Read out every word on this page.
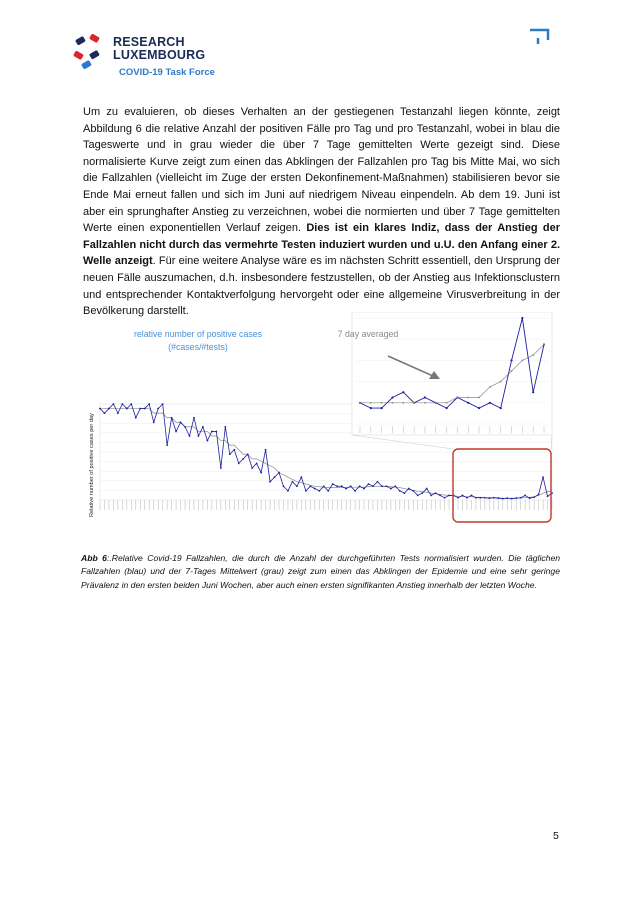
RESEARCH
LUXEMBOURG
COVID-19 Task Force
Um zu evaluieren, ob dieses Verhalten an der gestiegenen Testanzahl liegen könnte, zeigt Abbildung 6 die relative Anzahl der positiven Fälle pro Tag und pro Testanzahl, wobei in blau die Tageswerte und in grau wieder die über 7 Tage gemittelten Werte gezeigt sind. Diese normalisierte Kurve zeigt zum einen das Abklingen der Fallzahlen pro Tag bis Mitte Mai, wo sich die Fallzahlen (vielleicht im Zuge der ersten Dekonfinement-Maßnahmen) stabilisieren bevor sie Ende Mai erneut fallen und sich im Juni auf niedrigem Niveau einpendeln. Ab dem 19. Juni ist aber ein sprunghafter Anstieg zu verzeichnen, wobei die normierten und über 7 Tage gemittelten Werte einen exponentiellen Verlauf zeigen. Dies ist ein klares Indiz, dass der Anstieg der Fallzahlen nicht durch das vermehrte Testen induziert wurden und u.U. den Anfang einer 2. Welle anzeigt. Für eine weitere Analyse wäre es im nächsten Schritt essentiell, den Ursprung der neuen Fälle auszumachen, d.h. insbesondere festzustellen, ob der Anstieg aus Infektionsclustern und entsprechender Kontaktverfolgung hervorgeht oder eine allgemeine Virusverbreitung in der Bevölkerung darstellt.
Relative number of positive cases per day
relative number of positive cases
(#cases/#tests)
7 day averaged
Abb 6:.Relative Covid-19 Fallzahlen, die durch die Anzahl der durchgeführten Tests normalisiert wurden. Die täglichen Fallzahlen (blau) und der 7-Tages Mittelwert (grau) zeigt zum einen das Abklingen der Epidemie und eine sehr geringe Prävalenz in den ersten beiden Juni Wochen, aber auch einen ersten signifikanten Anstieg innerhalb der letzten Woche.
5
